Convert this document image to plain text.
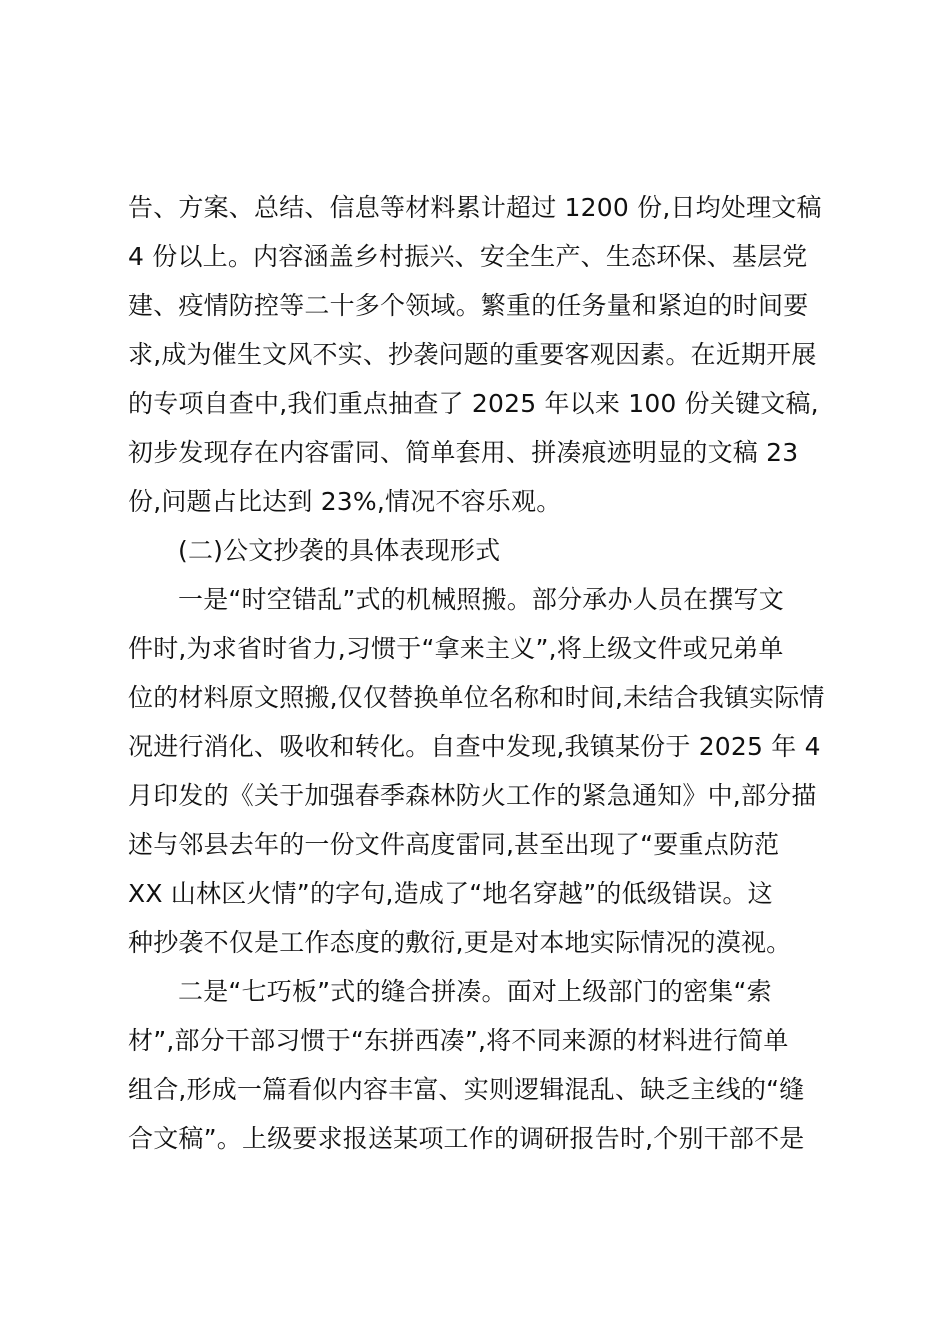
告、方案、总结、信息等材料累计超过 1200 份,日均处理文稿
4 份以上。内容涵盖乡村振兴、安全生产、生态环保、基层党
建、疫情防控等二十多个领域。繁重的任务量和紧迫的时间要
求,成为催生文风不实、抄袭问题的重要客观因素。在近期开展
的专项自查中,我们重点抽查了 2025 年以来 100 份关键文稿,
初步发现存在内容雷同、简单套用、拼凑痕迹明显的文稿 23
份,问题占比达到 23%,情况不容乐观。
(二)公文抄袭的具体表现形式
一是“时空错乱”式的机械照搬。部分承办人员在撰写文
件时,为求省时省力,习惯于“拿来主义”,将上级文件或兄弟单
位的材料原文照搬,仅仅替换单位名称和时间,未结合我镇实际情
况进行消化、吸收和转化。自查中发现,我镇某份于 2025 年 4
月印发的《关于加强春季森林防火工作的紧急通知》中,部分描
述与邻县去年的一份文件高度雷同,甚至出现了“要重点防范
XX 山林区火情”的字句,造成了“地名穿越”的低级错误。这
种抄袭不仅是工作态度的敷衍,更是对本地实际情况的漠视。
二是“七巧板”式的缝合拼凑。面对上级部门的密集“索
材”,部分干部习惯于“东拼西凑”,将不同来源的材料进行简单
组合,形成一篇看似内容丰富、实则逻辑混乱、缺乏主线的“缝
合文稿”。上级要求报送某项工作的调研报告时,个别干部不是
